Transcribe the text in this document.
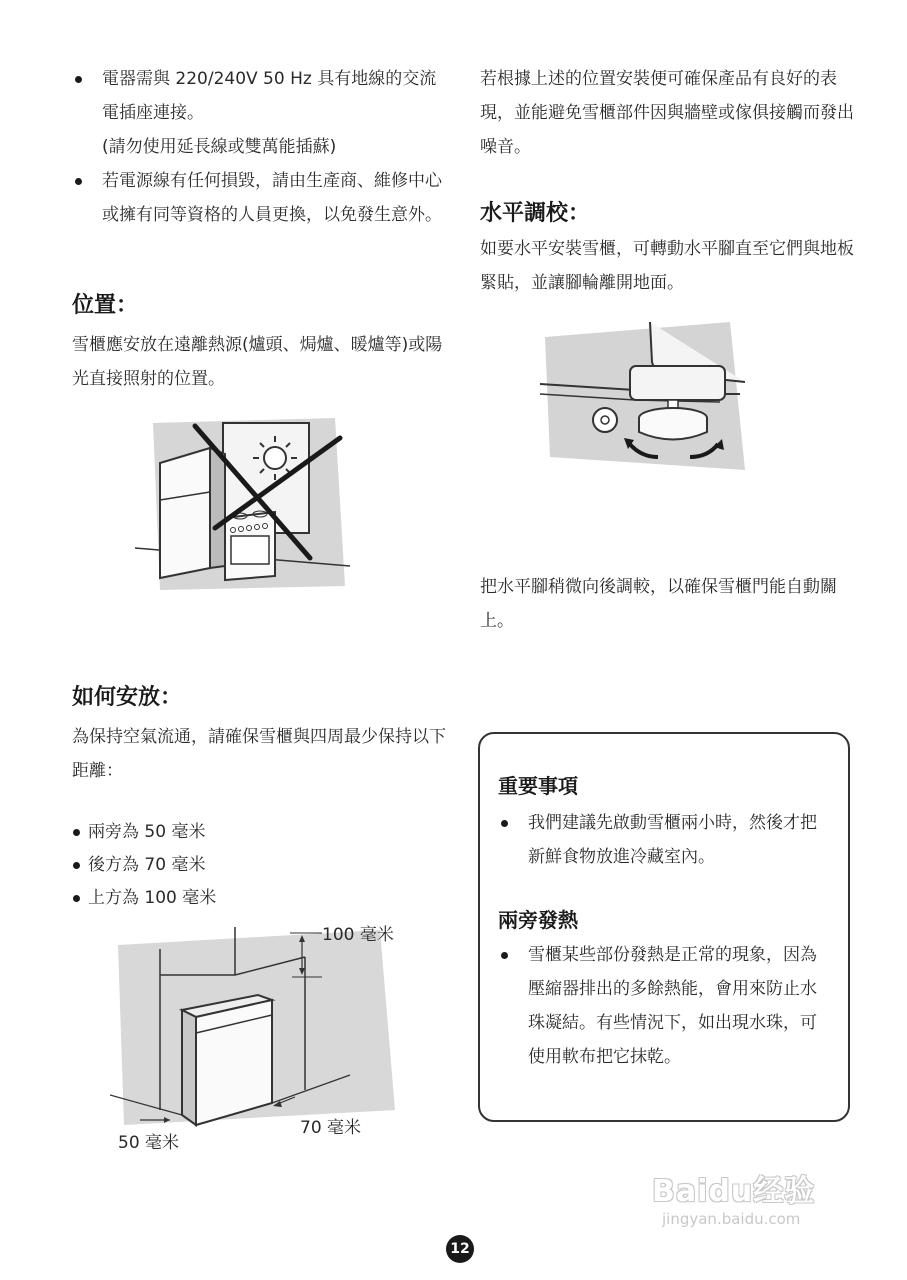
電器需與 220/240V 50 Hz 具有地線的交流電插座連接。
(請勿使用延長線或雙萬能插蘇)
若電源線有任何損毀，請由生產商、維修中心或擁有同等資格的人員更換，以免發生意外。
位置：
雪櫃應安放在遠離熱源(爐頭、焗爐、暖爐等)或陽光直接照射的位置。
如何安放：
為保持空氣流通，請確保雪櫃與四周最少保持以下距離：
兩旁為 50 毫米
後方為 70 毫米
上方為 100 毫米
100 毫米
70 毫米
50 毫米
若根據上述的位置安裝便可確保產品有良好的表現，並能避免雪櫃部件因與牆壁或傢俱接觸而發出噪音。
水平調校：
如要水平安裝雪櫃，可轉動水平腳直至它們與地板緊貼，並讓腳輪離開地面。
把水平腳稍微向後調較，以確保雪櫃門能自動關上。
重要事項
我們建議先啟動雪櫃兩小時，然後才把新鮮食物放進冷藏室內。
兩旁發熱
雪櫃某些部份發熱是正常的現象，因為壓縮器排出的多餘熱能，會用來防止水珠凝結。有些情況下，如出現水珠，可使用軟布把它抹乾。
Baidu经验
jingyan.baidu.com
12
